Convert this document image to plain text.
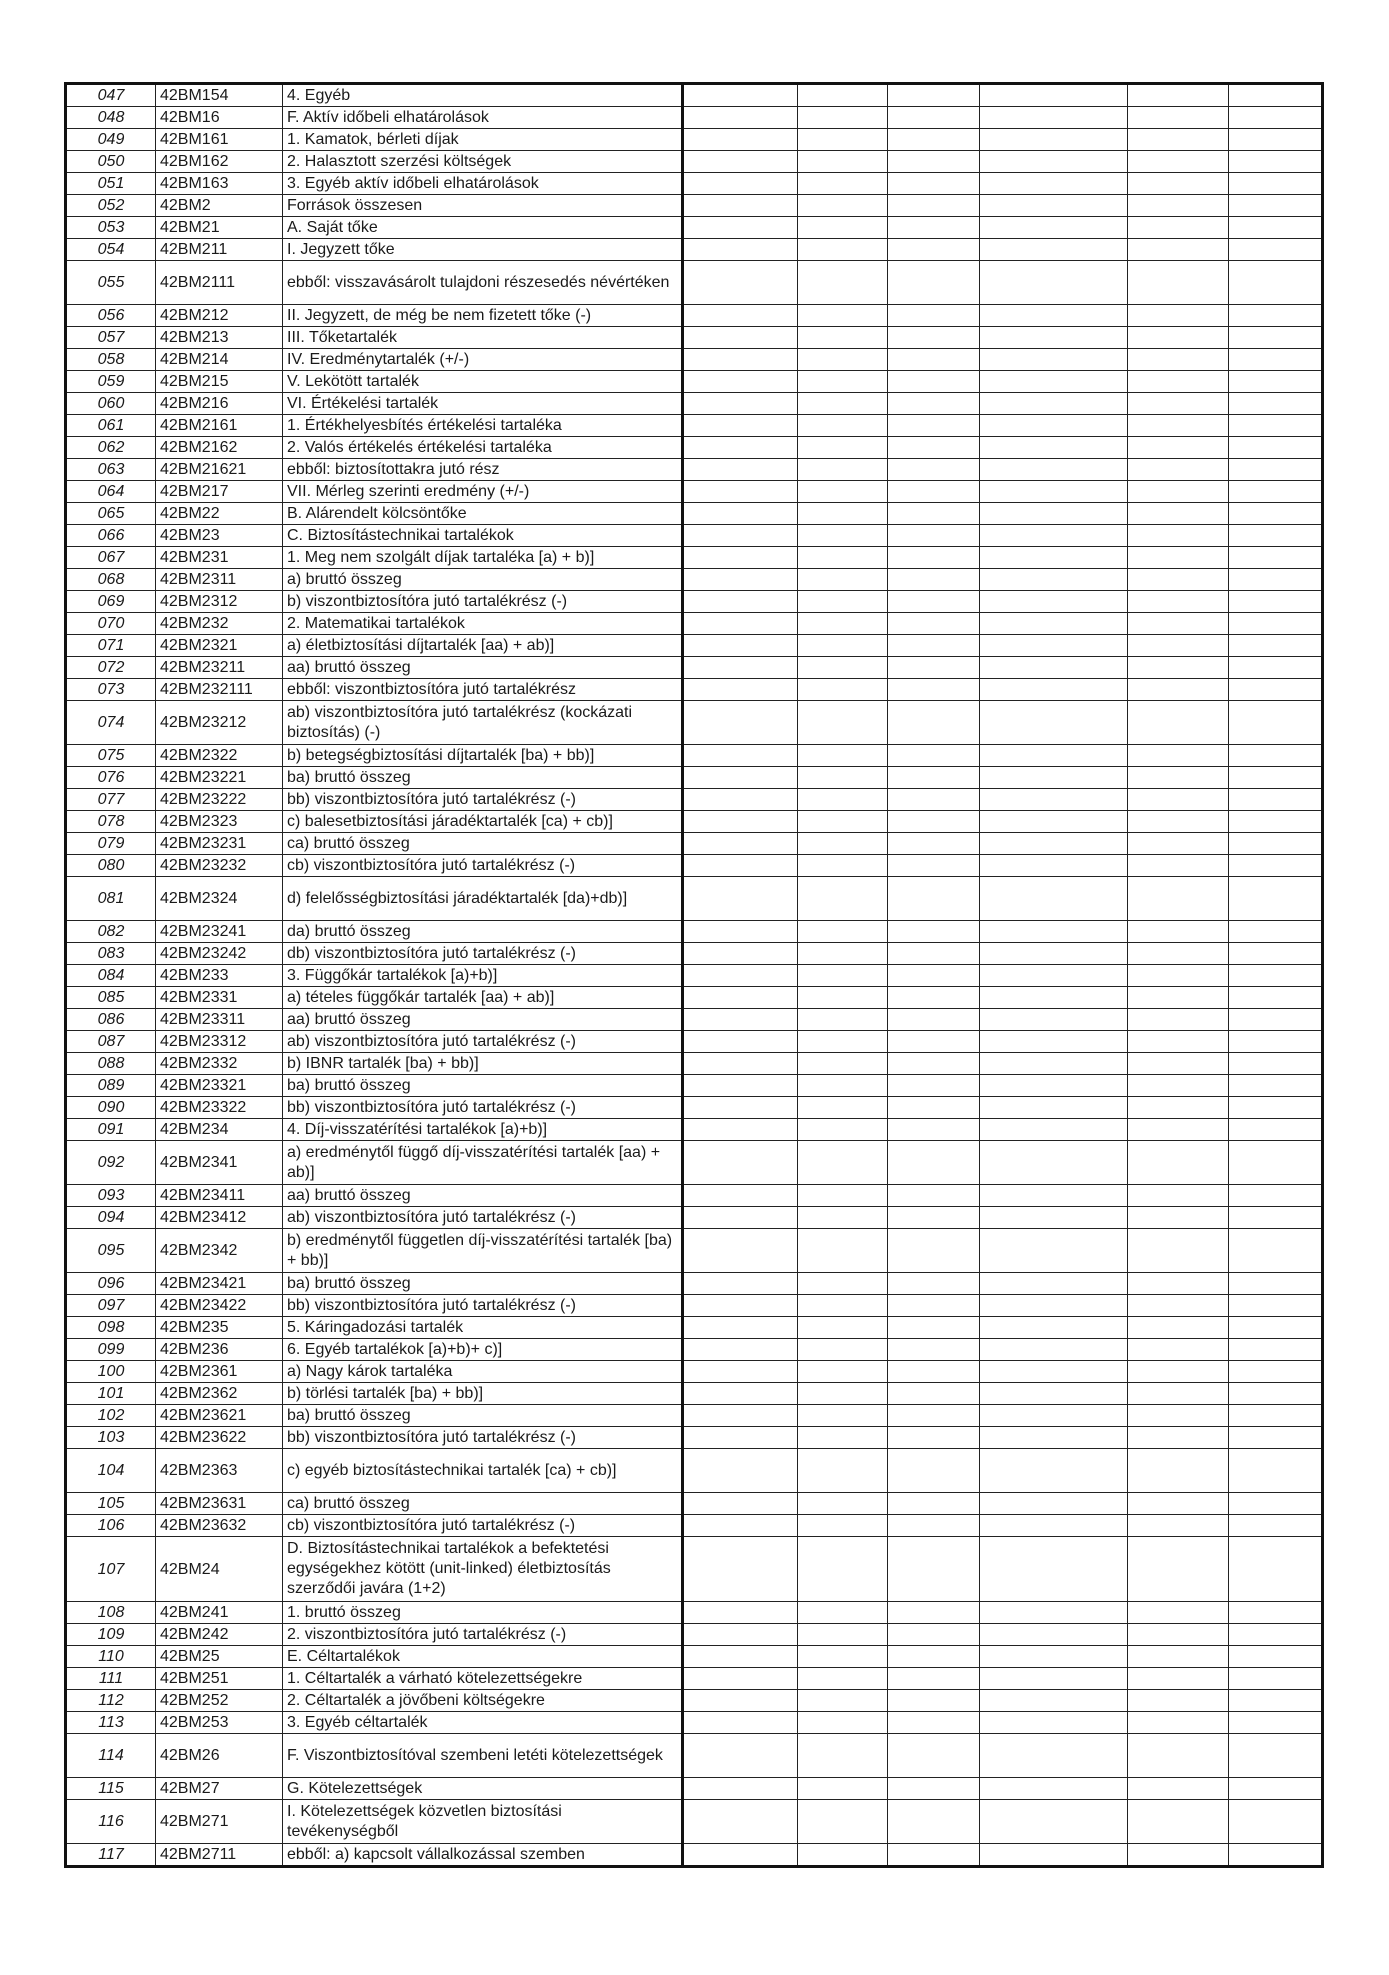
047	42BM154	4. Egyéb						
048	42BM16	F. Aktív időbeli elhatárolások						
049	42BM161	1. Kamatok, bérleti díjak						
050	42BM162	2. Halasztott szerzési költségek						
051	42BM163	3. Egyéb aktív időbeli elhatárolások						
052	42BM2	Források összesen						
053	42BM21	A. Saját tőke						
054	42BM211	I. Jegyzett tőke						
055	42BM2111	ebből: visszavásárolt tulajdoni részesedés névértéken						
056	42BM212	II. Jegyzett, de még be nem fizetett tőke (-)						
057	42BM213	III. Tőketartalék						
058	42BM214	IV. Eredménytartalék (+/-)						
059	42BM215	V. Lekötött tartalék						
060	42BM216	VI. Értékelési tartalék						
061	42BM2161	1. Értékhelyesbítés értékelési tartaléka						
062	42BM2162	2. Valós értékelés értékelési tartaléka						
063	42BM21621	ebből: biztosítottakra jutó rész						
064	42BM217	VII. Mérleg szerinti eredmény (+/-)						
065	42BM22	B. Alárendelt kölcsöntőke						
066	42BM23	C. Biztosítástechnikai tartalékok						
067	42BM231	1. Meg nem szolgált díjak tartaléka [a) + b)]						
068	42BM2311	a) bruttó összeg						
069	42BM2312	b) viszontbiztosítóra jutó tartalékrész (-)						
070	42BM232	2. Matematikai tartalékok						
071	42BM2321	a) életbiztosítási díjtartalék [aa) + ab)]						
072	42BM23211	aa) bruttó összeg						
073	42BM232111	ebből: viszontbiztosítóra jutó tartalékrész						
074	42BM23212	ab) viszontbiztosítóra jutó tartalékrész (kockázati biztosítás) (-)						
075	42BM2322	b) betegségbiztosítási díjtartalék [ba) + bb)]						
076	42BM23221	ba) bruttó összeg						
077	42BM23222	bb) viszontbiztosítóra jutó tartalékrész (-)						
078	42BM2323	c) balesetbiztosítási járadéktartalék [ca) + cb)]						
079	42BM23231	ca) bruttó összeg						
080	42BM23232	cb) viszontbiztosítóra jutó tartalékrész (-)						
081	42BM2324	d) felelősségbiztosítási járadéktartalék [da)+db)]						
082	42BM23241	da) bruttó összeg						
083	42BM23242	db) viszontbiztosítóra jutó tartalékrész (-)						
084	42BM233	3. Függőkár tartalékok [a)+b)]						
085	42BM2331	a) tételes függőkár tartalék [aa) + ab)]						
086	42BM23311	aa) bruttó összeg						
087	42BM23312	ab) viszontbiztosítóra jutó tartalékrész (-)						
088	42BM2332	b) IBNR tartalék [ba) + bb)]						
089	42BM23321	ba) bruttó összeg						
090	42BM23322	bb) viszontbiztosítóra jutó tartalékrész (-)						
091	42BM234	4. Díj-visszatérítési tartalékok [a)+b)]						
092	42BM2341	a) eredménytől függő díj-visszatérítési tartalék [aa) + ab)]						
093	42BM23411	aa) bruttó összeg						
094	42BM23412	ab) viszontbiztosítóra jutó tartalékrész (-)						
095	42BM2342	b) eredménytől független díj-visszatérítési tartalék [ba) + bb)]						
096	42BM23421	ba) bruttó összeg						
097	42BM23422	bb) viszontbiztosítóra jutó tartalékrész (-)						
098	42BM235	5. Káringadozási tartalék						
099	42BM236	6. Egyéb tartalékok [a)+b)+ c)]						
100	42BM2361	a) Nagy károk tartaléka						
101	42BM2362	b) törlési tartalék [ba) + bb)]						
102	42BM23621	ba) bruttó összeg						
103	42BM23622	bb) viszontbiztosítóra jutó tartalékrész (-)						
104	42BM2363	c) egyéb biztosítástechnikai tartalék [ca) + cb)]						
105	42BM23631	ca) bruttó összeg						
106	42BM23632	cb) viszontbiztosítóra jutó tartalékrész (-)						
107	42BM24	D. Biztosítástechnikai tartalékok a befektetési egységekhez kötött (unit-linked) életbiztosítás szerződői javára (1+2)						
108	42BM241	1. bruttó összeg						
109	42BM242	2. viszontbiztosítóra jutó tartalékrész (-)						
110	42BM25	E. Céltartalékok						
111	42BM251	1. Céltartalék a várható kötelezettségekre						
112	42BM252	2. Céltartalék a jövőbeni költségekre						
113	42BM253	3. Egyéb céltartalék						
114	42BM26	F. Viszontbiztosítóval szembeni letéti kötelezettségek						
115	42BM27	G. Kötelezettségek						
116	42BM271	I. Kötelezettségek közvetlen biztosítási tevékenységből						
117	42BM2711	ebből: a) kapcsolt vállalkozással szemben						
